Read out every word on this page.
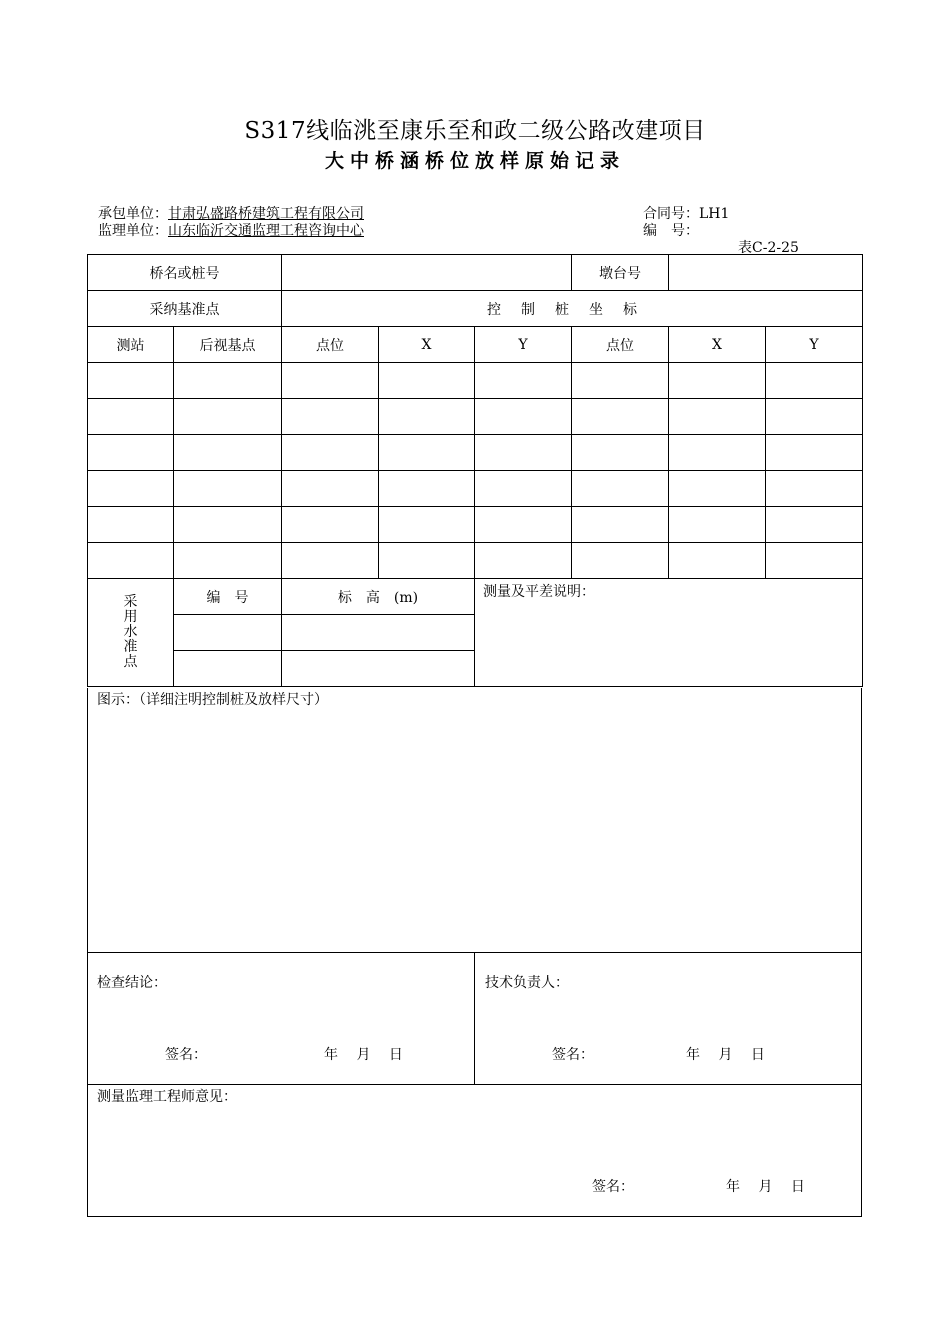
S317线临洮至康乐至和政二级公路改建项目
大中桥涵桥位放样原始记录
承包单位：甘肃弘盛路桥建筑工程有限公司
监理单位：山东临沂交通监理工程咨询中心
合同号：LH1
编　号：
表C-2-25
桥名或桩号					墩台号		
采纳基准点		控制桩坐标					
测站	后视基点	点位	X	Y	点位	X	Y

采
用
水
准
点	编　号	标　高　(m)		测量及平差说明：			

图示：（详细注明控制桩及放样尺寸）
检查结论：
签名：	年　 月　 日
技术负责人：
签名：	年　 月　 日
测量监理工程师意见：
签名：	年　 月　 日
